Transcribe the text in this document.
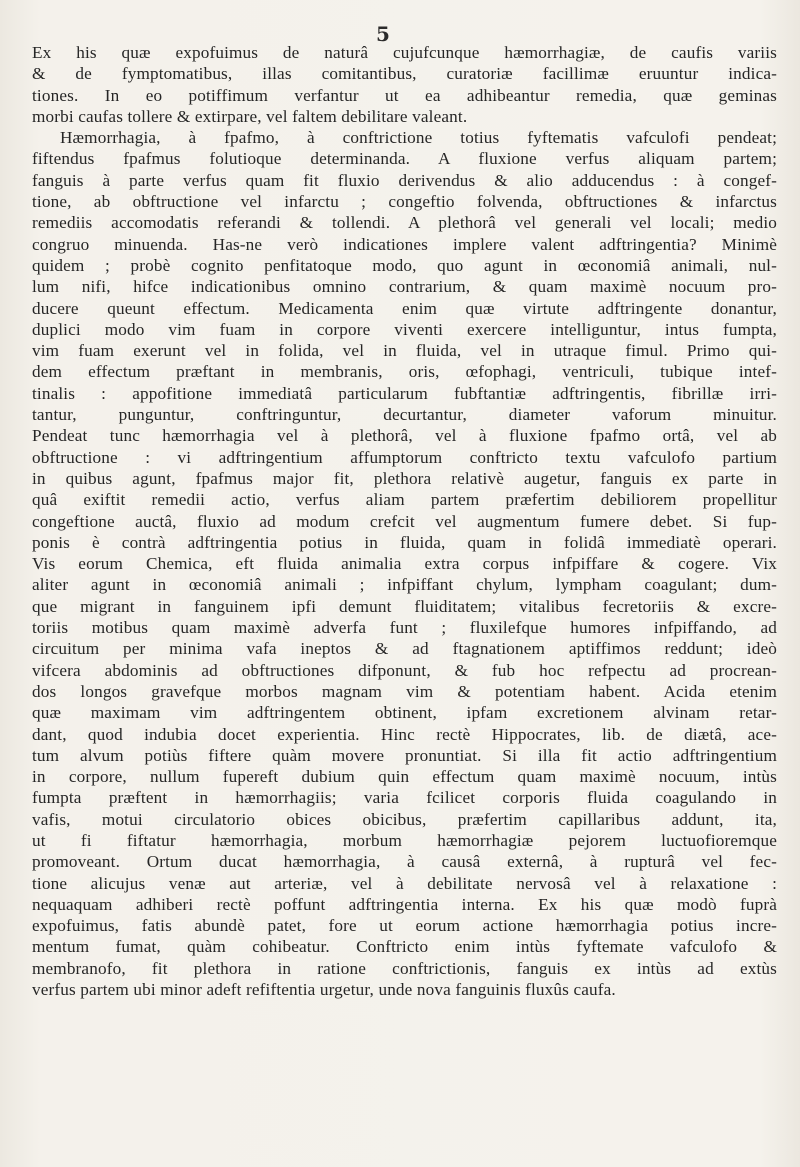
5
Ex his quæ expofuimus de naturâ cujufcunque hæmorrhagiæ, de caufis variis
& de fymptomatibus, illas comitantibus, curatoriæ facillimæ eruuntur indica-
tiones. In eo potiffimum verfantur ut ea adhibeantur remedia, quæ geminas
morbi caufas tollere & extirpare, vel faltem debilitare valeant.
Hæmorrhagia, à fpafmo, à conftrictione totius fyftematis vafculofi pendeat;
fiftendus fpafmus folutioque determinanda. A fluxione verfus aliquam partem;
fanguis à parte verfus quam fit fluxio derivendus & alio adducendus : à congef-
tione, ab obftructione vel infarctu ; congeftio folvenda, obftructiones & infarctus
remediis accomodatis referandi & tollendi. A plethorâ vel generali vel locali; medio
congruo minuenda. Has-ne verò indicationes implere valent adftringentia? Minimè
quidem ; probè cognito penfitatoque modo, quo agunt in œconomiâ animali, nul-
lum nifi, hifce indicationibus omnino contrarium, & quam maximè nocuum pro-
ducere queunt effectum. Medicamenta enim quæ virtute adftringente donantur,
duplici modo vim fuam in corpore viventi exercere intelliguntur, intus fumpta,
vim fuam exerunt vel in folida, vel in fluida, vel in utraque fimul. Primo qui-
dem effectum præftant in membranis, oris, œfophagi, ventriculi, tubique intef-
tinalis : appofitione immediatâ particularum fubftantiæ adftringentis, fibrillæ irri-
tantur, punguntur, conftringuntur, decurtantur, diameter vaforum minuitur.
Pendeat tunc hæmorrhagia vel à plethorâ, vel à fluxione fpafmo ortâ, vel ab
obftructione : vi adftringentium affumptorum conftricto textu vafculofo partium
in quibus agunt, fpafmus major fit, plethora relativè augetur, fanguis ex parte in
quâ exiftit remedii actio, verfus aliam partem præfertim debiliorem propellitur
congeftione auctâ, fluxio ad modum crefcit vel augmentum fumere debet. Si fup-
ponis è contrà adftringentia potius in fluida, quam in folidâ immediatè operari.
Vis eorum Chemica, eft fluida animalia extra corpus infpiffare & cogere. Vix
aliter agunt in œconomiâ animali ; infpiffant chylum, lympham coagulant; dum-
que migrant in fanguinem ipfi demunt fluiditatem; vitalibus fecretoriis & excre-
toriis motibus quam maximè adverfa funt ; fluxilefque humores infpiffando, ad
circuitum per minima vafa ineptos & ad ftagnationem aptiffimos reddunt; ideò
vifcera abdominis ad obftructiones difponunt, & fub hoc refpectu ad procrean-
dos longos gravefque morbos magnam vim & potentiam habent. Acida etenim
quæ maximam vim adftringentem obtinent, ipfam excretionem alvinam retar-
dant, quod indubia docet experientia. Hinc rectè Hippocrates, lib. de diætâ, ace-
tum alvum potiùs fiftere quàm movere pronuntiat. Si illa fit actio adftringentium
in corpore, nullum fupereft dubium quin effectum quam maximè nocuum, intùs
fumpta præftent in hæmorrhagiis; varia fcilicet corporis fluida coagulando in
vafis, motui circulatorio obices obicibus, præfertim capillaribus addunt, ita,
ut fi fiftatur hæmorrhagia, morbum hæmorrhagiæ pejorem luctuofioremque
promoveant. Ortum ducat hæmorrhagia, à causâ externâ, à rupturâ vel fec-
tione alicujus venæ aut arteriæ, vel à debilitate nervosâ vel à relaxatione :
nequaquam adhiberi rectè poffunt adftringentia interna. Ex his quæ modò fuprà
expofuimus, fatis abundè patet, fore ut eorum actione hæmorrhagia potius incre-
mentum fumat, quàm cohibeatur. Conftricto enim intùs fyftemate vafculofo &
membranofo, fit plethora in ratione conftrictionis, fanguis ex intùs ad extùs
verfus partem ubi minor adeft refiftentia urgetur, unde nova fanguinis fluxûs caufa.
